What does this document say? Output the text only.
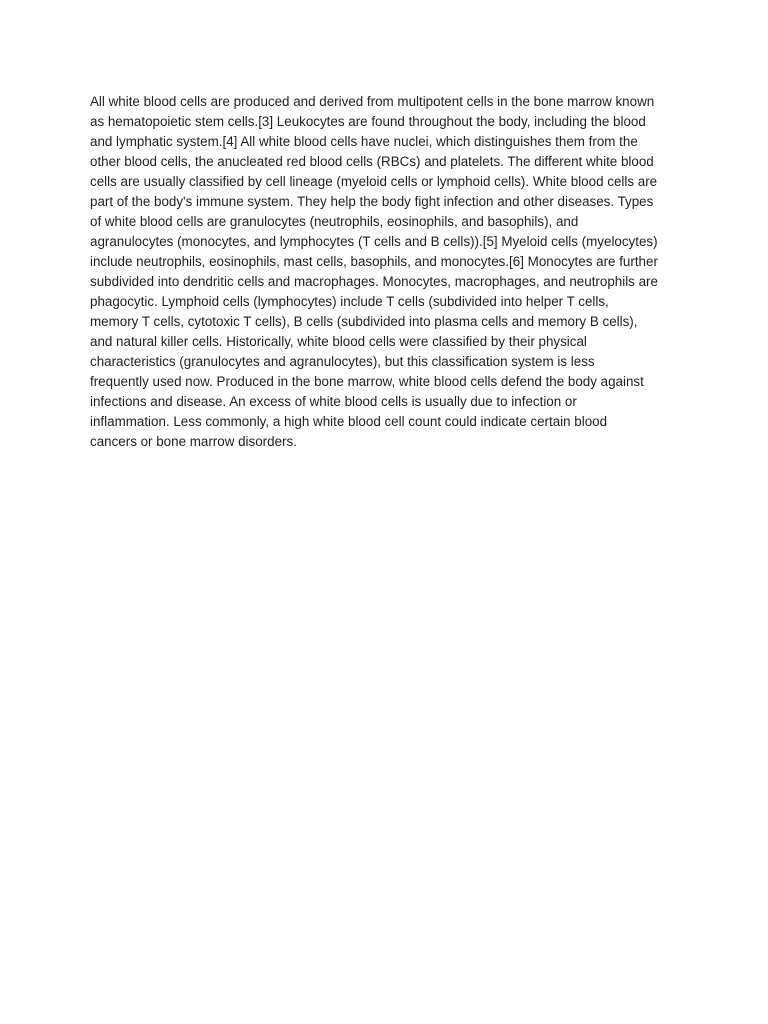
All white blood cells are produced and derived from multipotent cells in the bone marrow known
as hematopoietic stem cells.[3] Leukocytes are found throughout the body, including the blood
and lymphatic system.[4] All white blood cells have nuclei, which distinguishes them from the
other blood cells, the anucleated red blood cells (RBCs) and platelets. The different white blood
cells are usually classified by cell lineage (myeloid cells or lymphoid cells). White blood cells are
part of the body's immune system. They help the body fight infection and other diseases. Types
of white blood cells are granulocytes (neutrophils, eosinophils, and basophils), and
agranulocytes (monocytes, and lymphocytes (T cells and B cells)).[5] Myeloid cells (myelocytes)
include neutrophils, eosinophils, mast cells, basophils, and monocytes.[6] Monocytes are further
subdivided into dendritic cells and macrophages. Monocytes, macrophages, and neutrophils are
phagocytic. Lymphoid cells (lymphocytes) include T cells (subdivided into helper T cells,
memory T cells, cytotoxic T cells), B cells (subdivided into plasma cells and memory B cells),
and natural killer cells. Historically, white blood cells were classified by their physical
characteristics (granulocytes and agranulocytes), but this classification system is less
frequently used now. Produced in the bone marrow, white blood cells defend the body against
infections and disease. An excess of white blood cells is usually due to infection or
inflammation. Less commonly, a high white blood cell count could indicate certain blood
cancers or bone marrow disorders.
